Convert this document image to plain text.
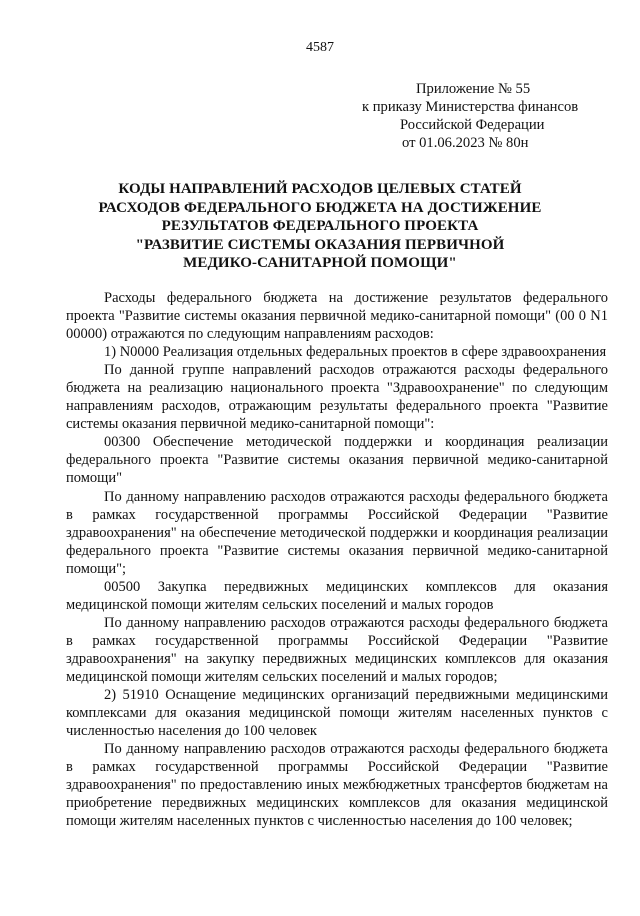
4587
Приложение № 55
к приказу Министерства финансов
Российской Федерации
от 01.06.2023 № 80н
КОДЫ НАПРАВЛЕНИЙ РАСХОДОВ ЦЕЛЕВЫХ СТАТЕЙ
РАСХОДОВ ФЕДЕРАЛЬНОГО БЮДЖЕТА НА ДОСТИЖЕНИЕ
РЕЗУЛЬТАТОВ ФЕДЕРАЛЬНОГО ПРОЕКТА
"РАЗВИТИЕ СИСТЕМЫ ОКАЗАНИЯ ПЕРВИЧНОЙ
МЕДИКО-САНИТАРНОЙ ПОМОЩИ"

Расходы федерального бюджета на достижение результатов федерального проекта "Развитие системы оказания первичной медико-санитарной помощи" (00 0 N1 00000) отражаются по следующим направлениям расходов:

1) N0000 Реализация отдельных федеральных проектов в сфере здравоохранения

По данной группе направлений расходов отражаются расходы федерального бюджета на реализацию национального проекта "Здравоохранение" по следующим направлениям расходов, отражающим результаты федерального проекта "Развитие системы оказания первичной медико-санитарной помощи":

00300 Обеспечение методической поддержки и координация реализации федерального проекта "Развитие системы оказания первичной медико-санитарной помощи"

По данному направлению расходов отражаются расходы федерального бюджета в рамках государственной программы Российской Федерации "Развитие здравоохранения" на обеспечение методической поддержки и координация реализации федерального проекта "Развитие системы оказания первичной медико-санитарной помощи";

00500 Закупка передвижных медицинских комплексов для оказания медицинской помощи жителям сельских поселений и малых городов

По данному направлению расходов отражаются расходы федерального бюджета в рамках государственной программы Российской Федерации "Развитие здравоохранения" на закупку передвижных медицинских комплексов для оказания медицинской помощи жителям сельских поселений и малых городов;

2) 51910 Оснащение медицинских организаций передвижными медицинскими комплексами для оказания медицинской помощи жителям населенных пунктов с численностью населения до 100 человек

По данному направлению расходов отражаются расходы федерального бюджета в рамках государственной программы Российской Федерации "Развитие здравоохранения" по предоставлению иных межбюджетных трансфертов бюджетам на приобретение передвижных медицинских комплексов для оказания медицинской помощи жителям населенных пунктов с численностью населения до 100 человек;
